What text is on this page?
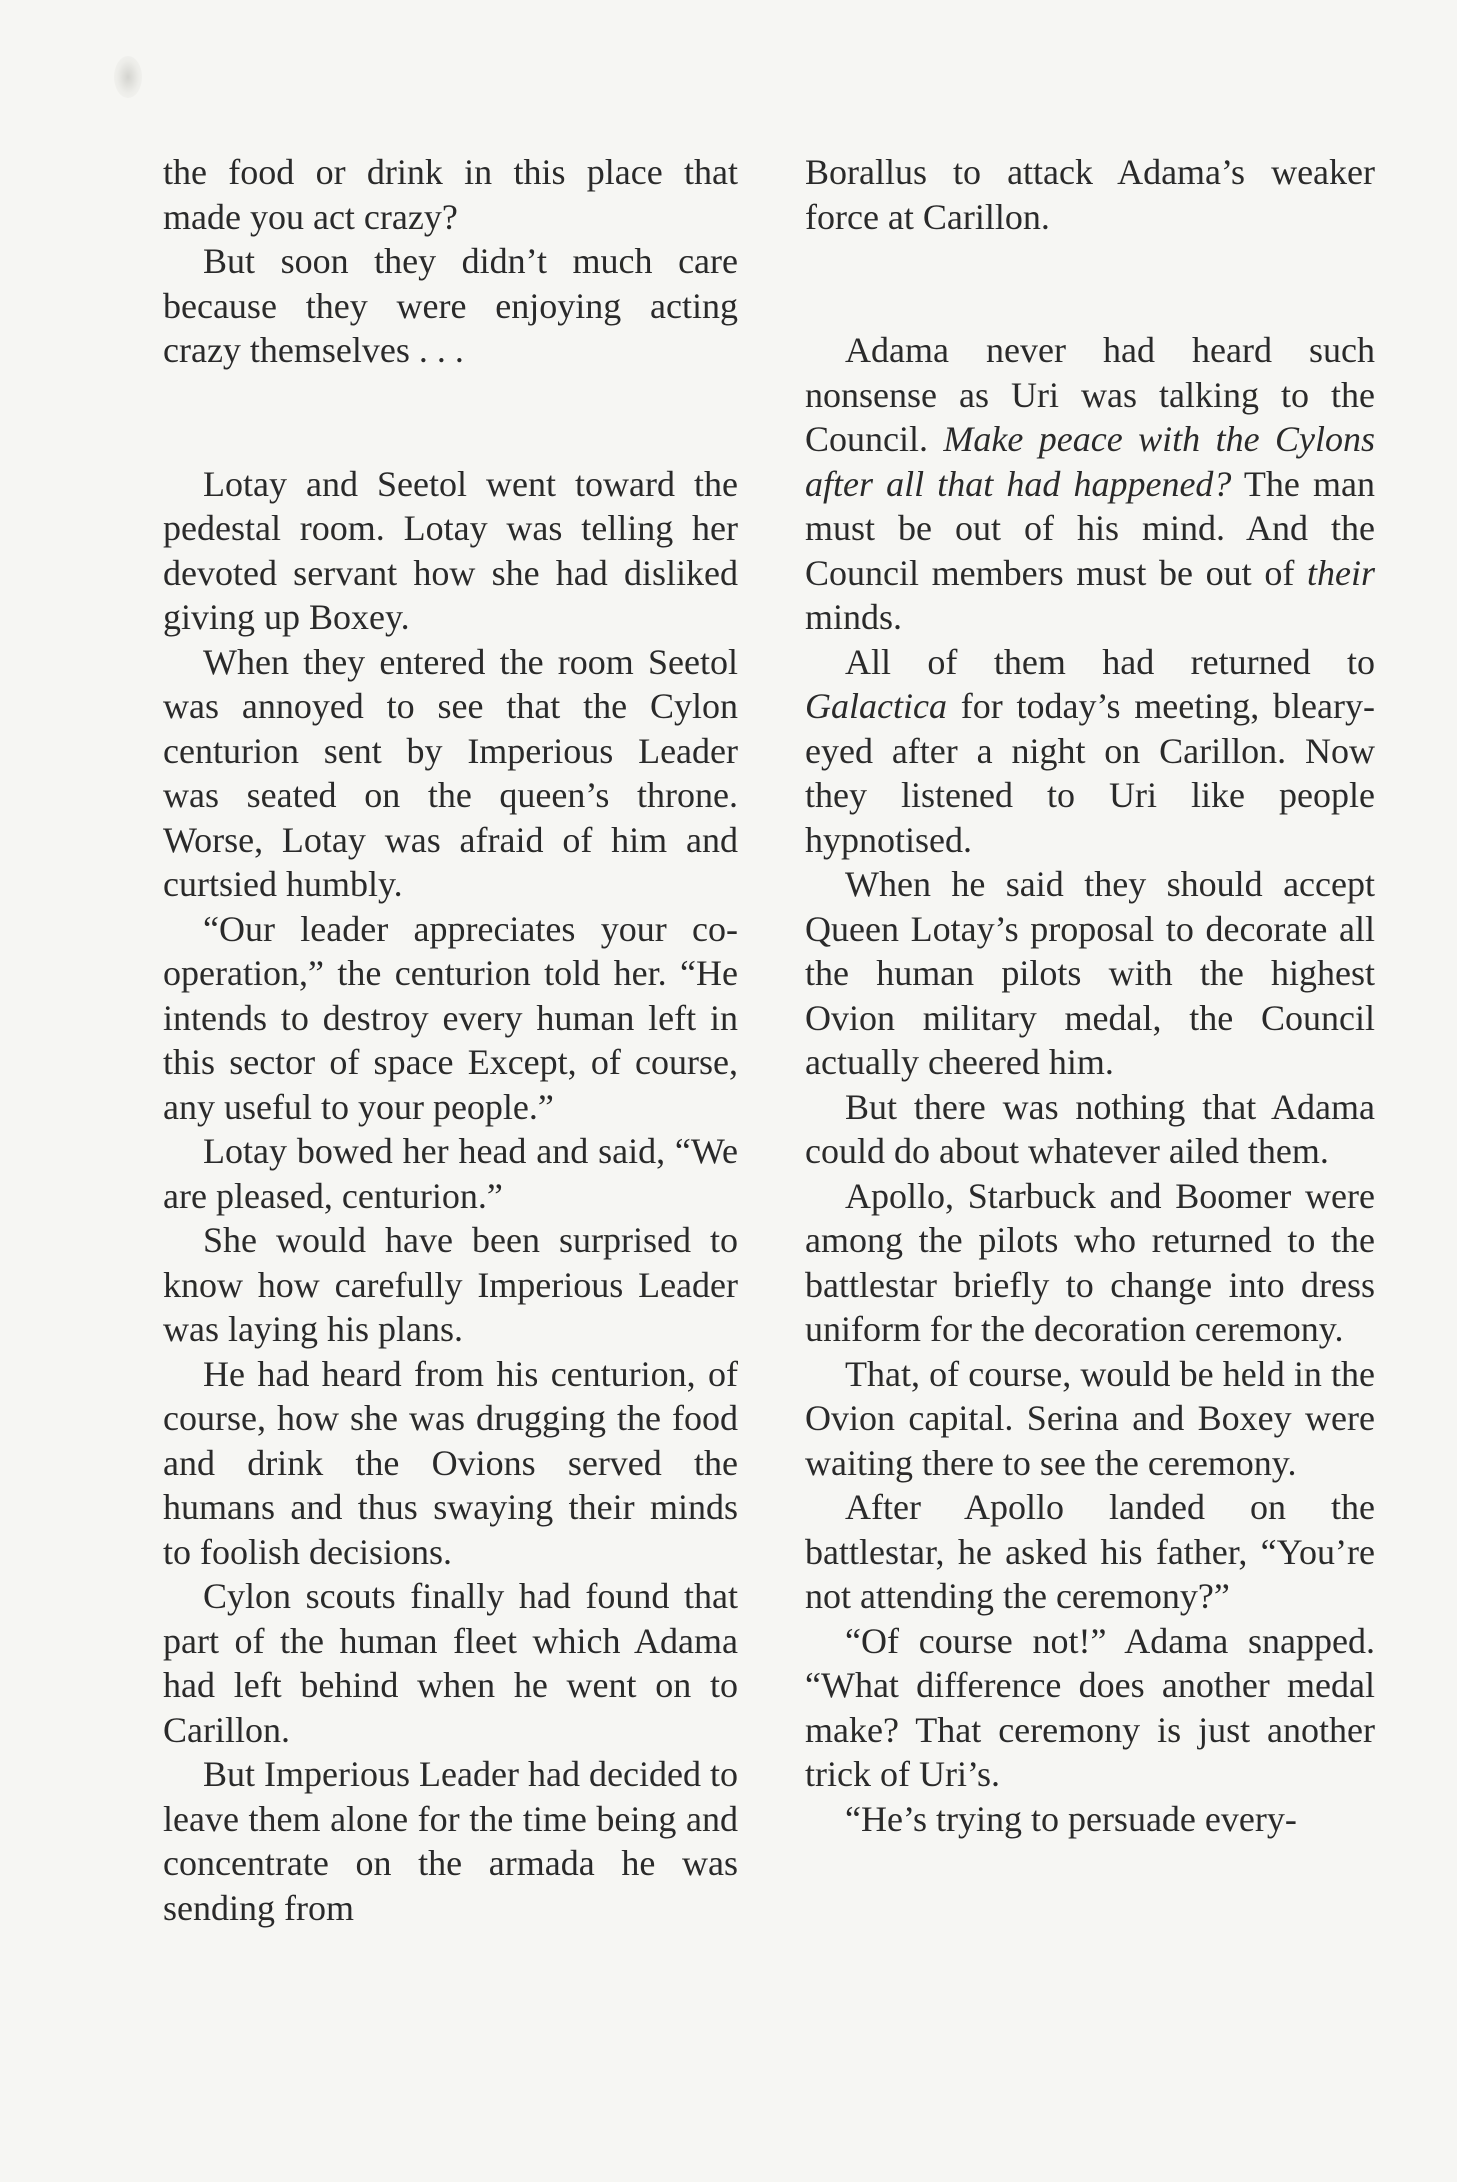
the food or drink in this place that made you act crazy?

But soon they didn’t much care because they were enjoying acting crazy themselves . . .

Lotay and Seetol went toward the pedestal room. Lotay was telling her devoted servant how she had disliked giving up Boxey.

When they entered the room Seetol was annoyed to see that the Cylon centurion sent by Imperious Leader was seated on the queen’s throne. Worse, Lotay was afraid of him and curtsied humbly.

“Our leader appreciates your cooperation,” the centurion told her. “He intends to destroy every human left in this sector of space Except, of course, any useful to your people.”

Lotay bowed her head and said, “We are pleased, centurion.”

She would have been surprised to know how carefully Imperious Leader was laying his plans.

He had heard from his centurion, of course, how she was drugging the food and drink the Ovions served the humans and thus swaying their minds to foolish decisions.

Cylon scouts finally had found that part of the human fleet which Adama had left behind when he went on to Carillon.

But Imperious Leader had decided to leave them alone for the time being and concentrate on the armada he was sending from

Borallus to attack Adama’s weaker force at Carillon.

Adama never had heard such nonsense as Uri was talking to the Council. Make peace with the Cylons after all that had happened? The man must be out of his mind. And the Council members must be out of their minds.

All of them had returned to Galactica for today’s meeting, bleary-eyed after a night on Carillon. Now they listened to Uri like people hypnotised.

When he said they should accept Queen Lotay’s proposal to decorate all the human pilots with the highest Ovion military medal, the Council actually cheered him.

But there was nothing that Adama could do about whatever ailed them.

Apollo, Starbuck and Boomer were among the pilots who returned to the battlestar briefly to change into dress uniform for the decoration ceremony.

That, of course, would be held in the Ovion capital. Serina and Boxey were waiting there to see the ceremony.

After Apollo landed on the battlestar, he asked his father, “You’re not attending the ceremony?”

“Of course not!” Adama snapped. “What difference does another medal make? That ceremony is just another trick of Uri’s.

“He’s trying to persuade every-
